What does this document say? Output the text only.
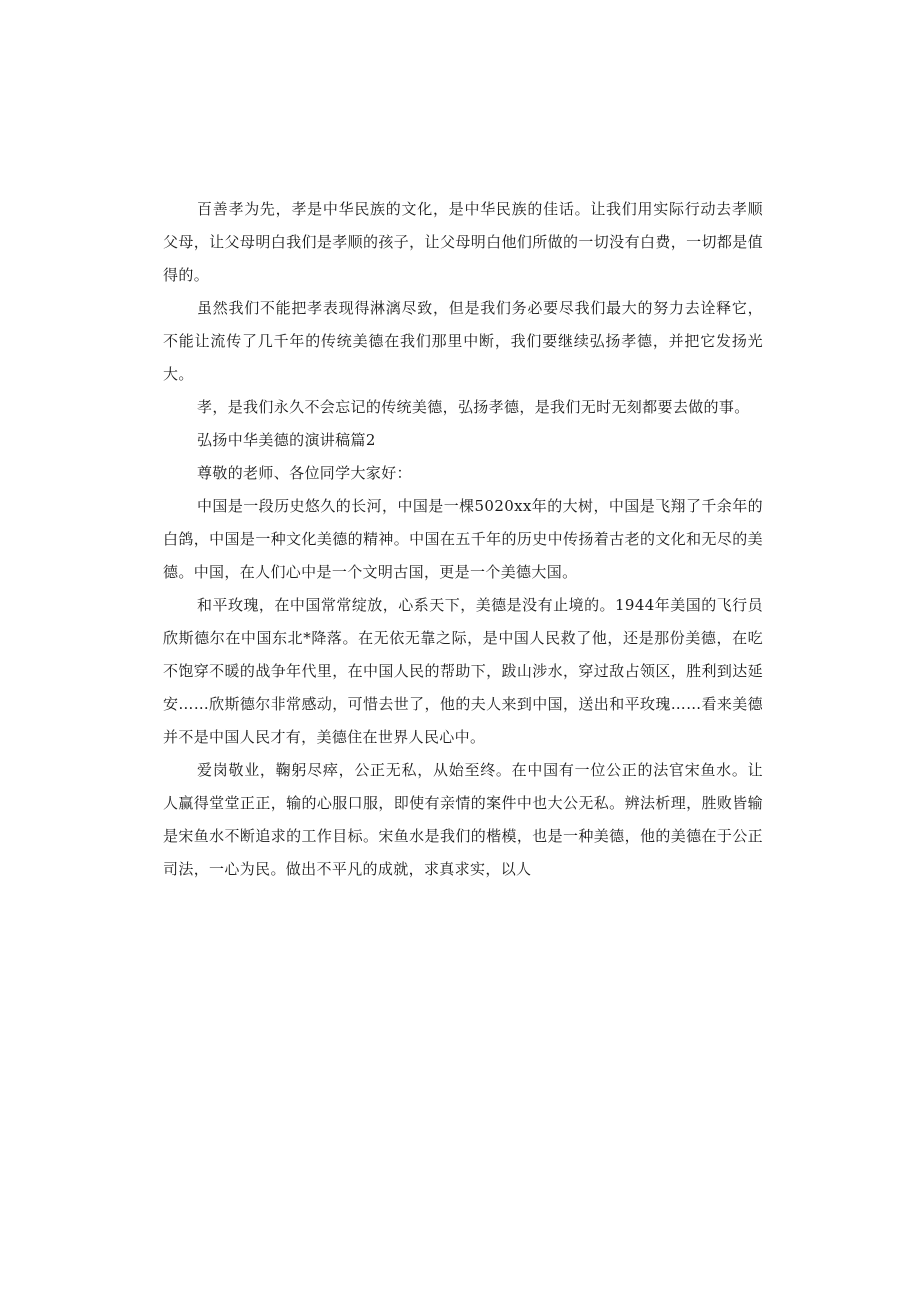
百善孝为先，孝是中华民族的文化，是中华民族的佳话。让我们用实际行动去孝顺父母，让父母明白我们是孝顺的孩子，让父母明白他们所做的一切没有白费，一切都是值得的。

虽然我们不能把孝表现得淋漓尽致，但是我们务必要尽我们最大的努力去诠释它，不能让流传了几千年的传统美德在我们那里中断，我们要继续弘扬孝德，并把它发扬光大。

孝，是我们永久不会忘记的传统美德，弘扬孝德，是我们无时无刻都要去做的事。

弘扬中华美德的演讲稿篇2

尊敬的老师、各位同学大家好：

中国是一段历史悠久的长河，中国是一棵5020xx年的大树，中国是飞翔了千余年的白鸽，中国是一种文化美德的精神。中国在五千年的历史中传扬着古老的文化和无尽的美德。中国，在人们心中是一个文明古国，更是一个美德大国。

和平玫瑰，在中国常常绽放，心系天下，美德是没有止境的。1944年美国的飞行员欣斯德尔在中国东北*降落。在无依无靠之际，是中国人民救了他，还是那份美德，在吃不饱穿不暖的战争年代里，在中国人民的帮助下，跋山涉水，穿过敌占领区，胜利到达延安……欣斯德尔非常感动，可惜去世了，他的夫人来到中国，送出和平玫瑰……看来美德并不是中国人民才有，美德住在世界人民心中。

爱岗敬业，鞠躬尽瘁，公正无私，从始至终。在中国有一位公正的法官宋鱼水。让人赢得堂堂正正，输的心服口服，即使有亲情的案件中也大公无私。辨法析理，胜败皆输是宋鱼水不断追求的工作目标。宋鱼水是我们的楷模，也是一种美德，他的美德在于公正司法，一心为民。做出不平凡的成就，求真求实，以人
